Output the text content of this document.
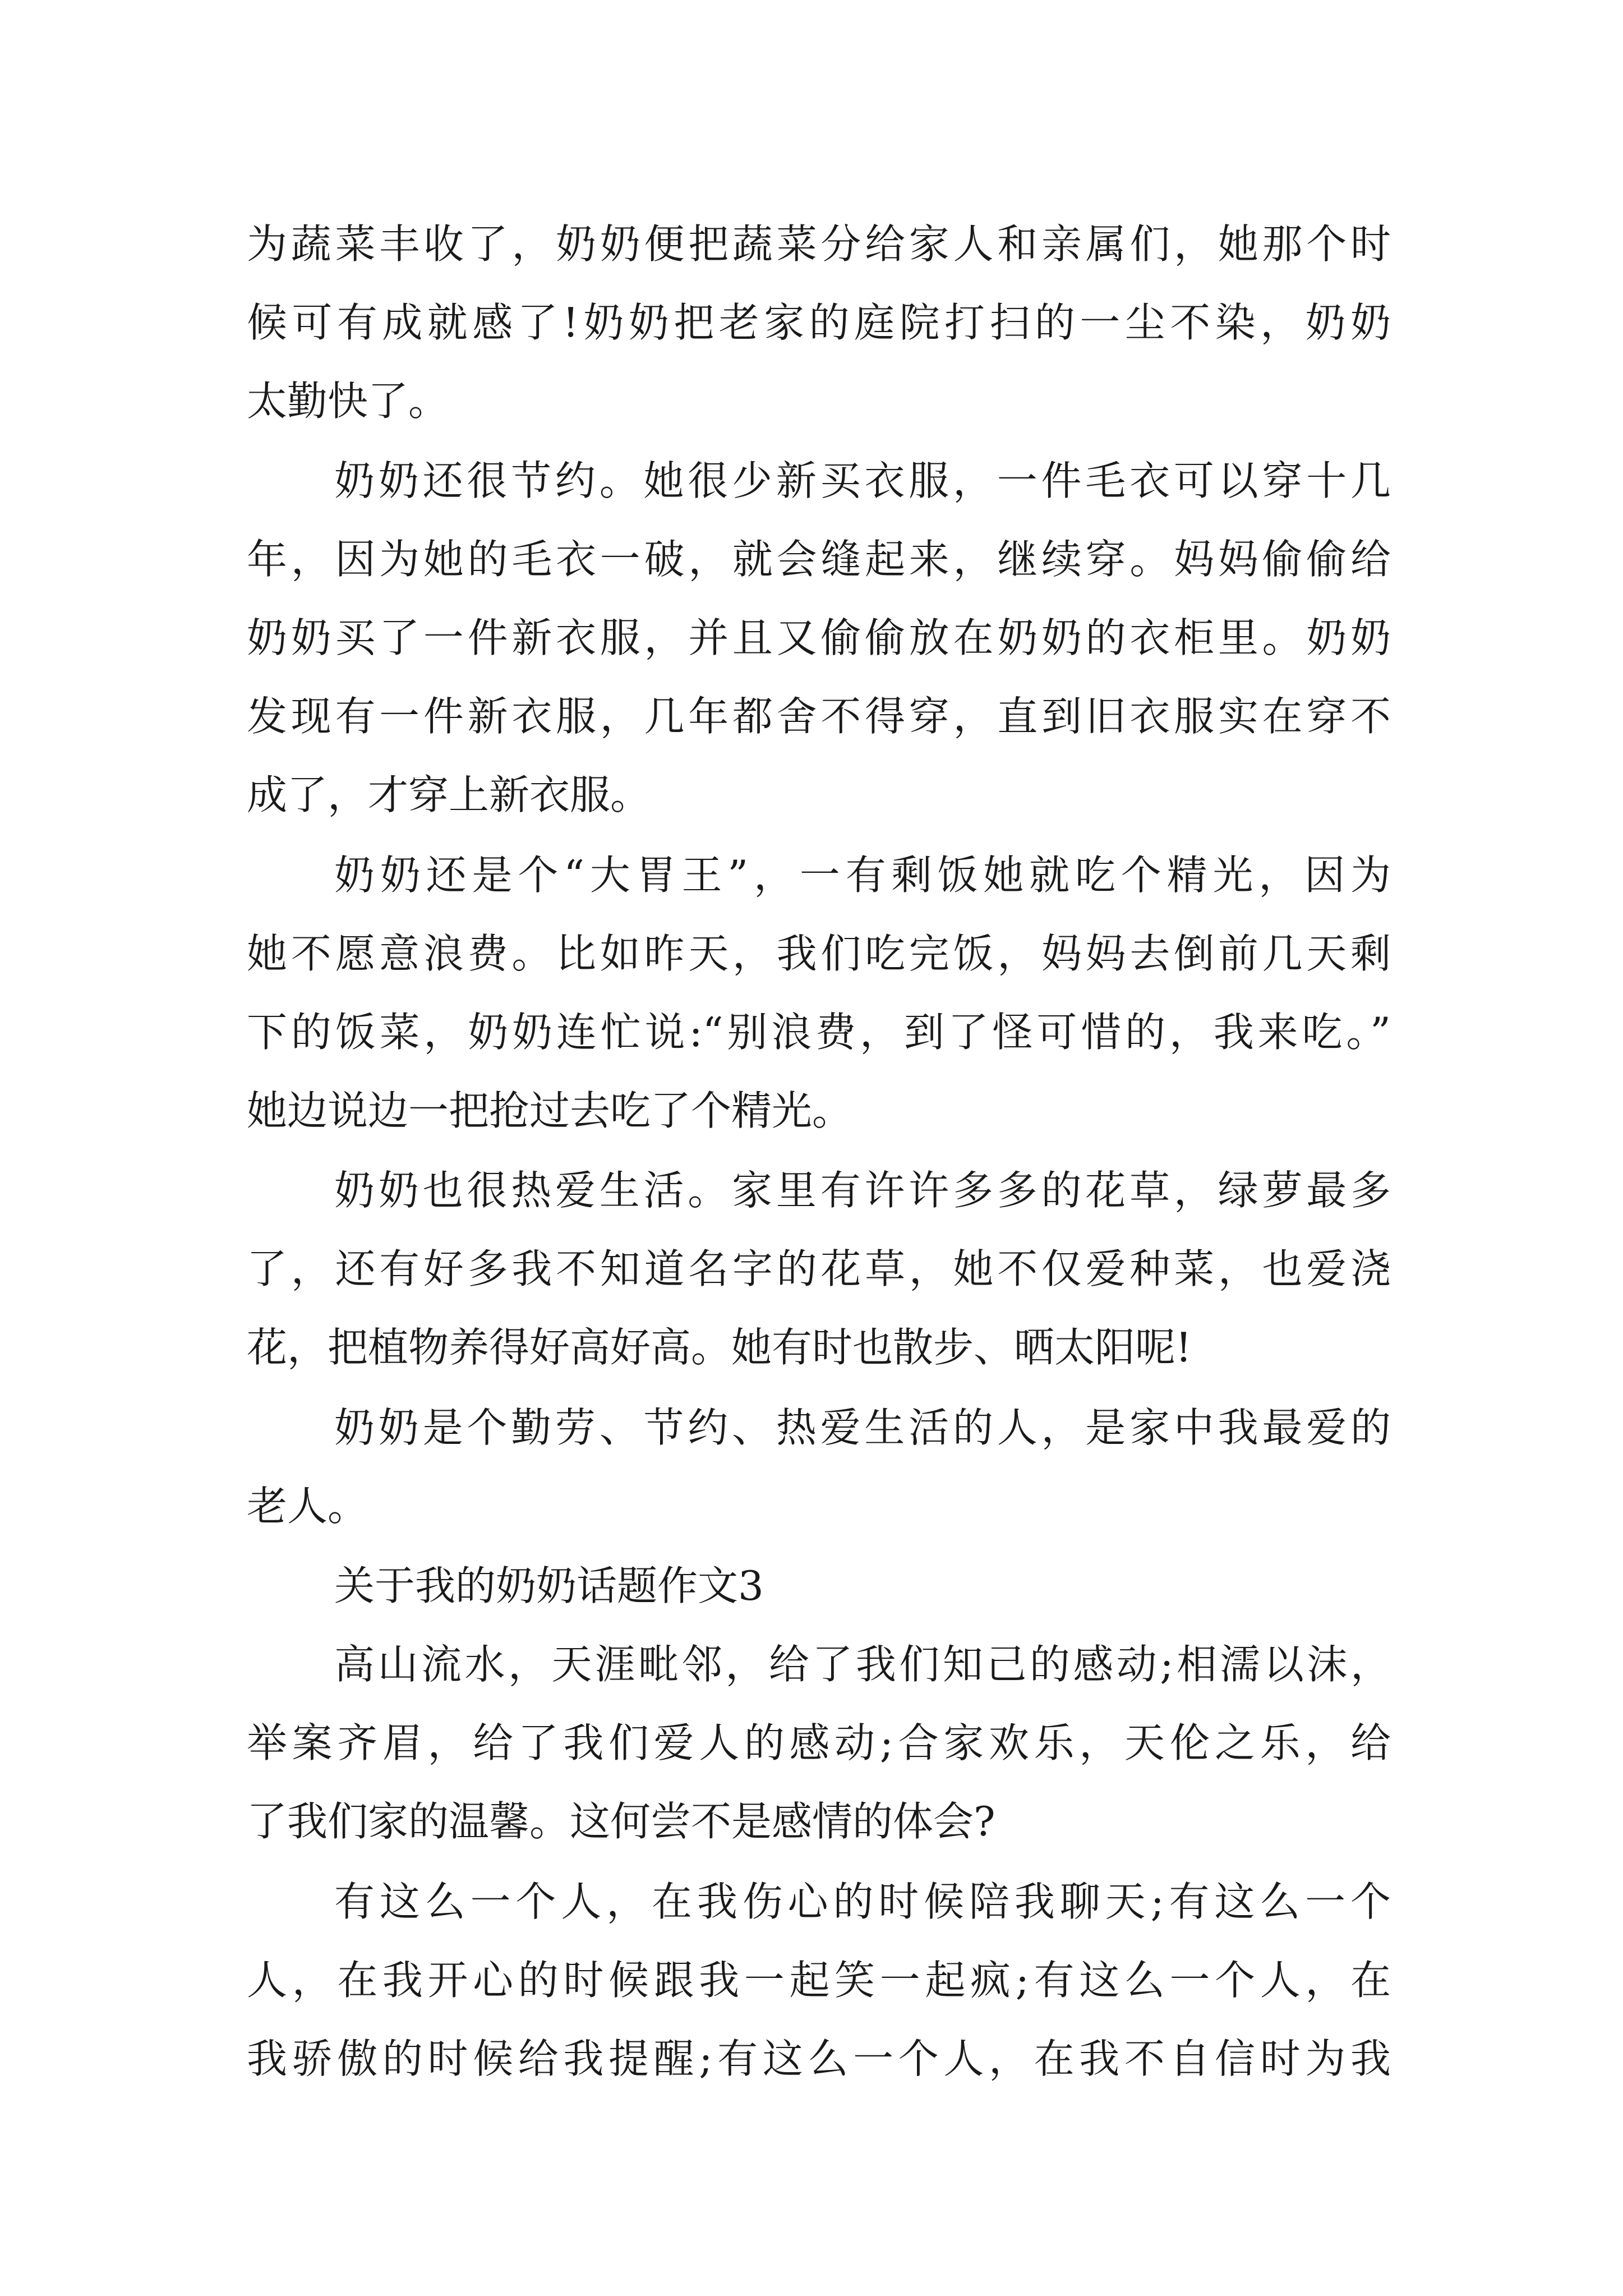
为蔬菜丰收了，奶奶便把蔬菜分给家人和亲属们，她那个时
候可有成就感了!奶奶把老家的庭院打扫的一尘不染，奶奶
太勤快了。
奶奶还很节约。她很少新买衣服，一件毛衣可以穿十几
年，因为她的毛衣一破，就会缝起来，继续穿。妈妈偷偷给
奶奶买了一件新衣服，并且又偷偷放在奶奶的衣柜里。奶奶
发现有一件新衣服，几年都舍不得穿，直到旧衣服实在穿不
成了，才穿上新衣服。
奶奶还是个“大胃王”，一有剩饭她就吃个精光，因为
她不愿意浪费。比如昨天，我们吃完饭，妈妈去倒前几天剩
下的饭菜，奶奶连忙说:“别浪费，到了怪可惜的，我来吃。”
她边说边一把抢过去吃了个精光。
奶奶也很热爱生活。家里有许许多多的花草，绿萝最多
了，还有好多我不知道名字的花草，她不仅爱种菜，也爱浇
花，把植物养得好高好高。她有时也散步、晒太阳呢!
奶奶是个勤劳、节约、热爱生活的人，是家中我最爱的
老人。
关于我的奶奶话题作文3
高山流水，天涯毗邻，给了我们知己的感动;相濡以沫，
举案齐眉，给了我们爱人的感动;合家欢乐，天伦之乐，给
了我们家的温馨。这何尝不是感情的体会?
有这么一个人，在我伤心的时候陪我聊天;有这么一个
人，在我开心的时候跟我一起笑一起疯;有这么一个人，在
我骄傲的时候给我提醒;有这么一个人，在我不自信时为我
